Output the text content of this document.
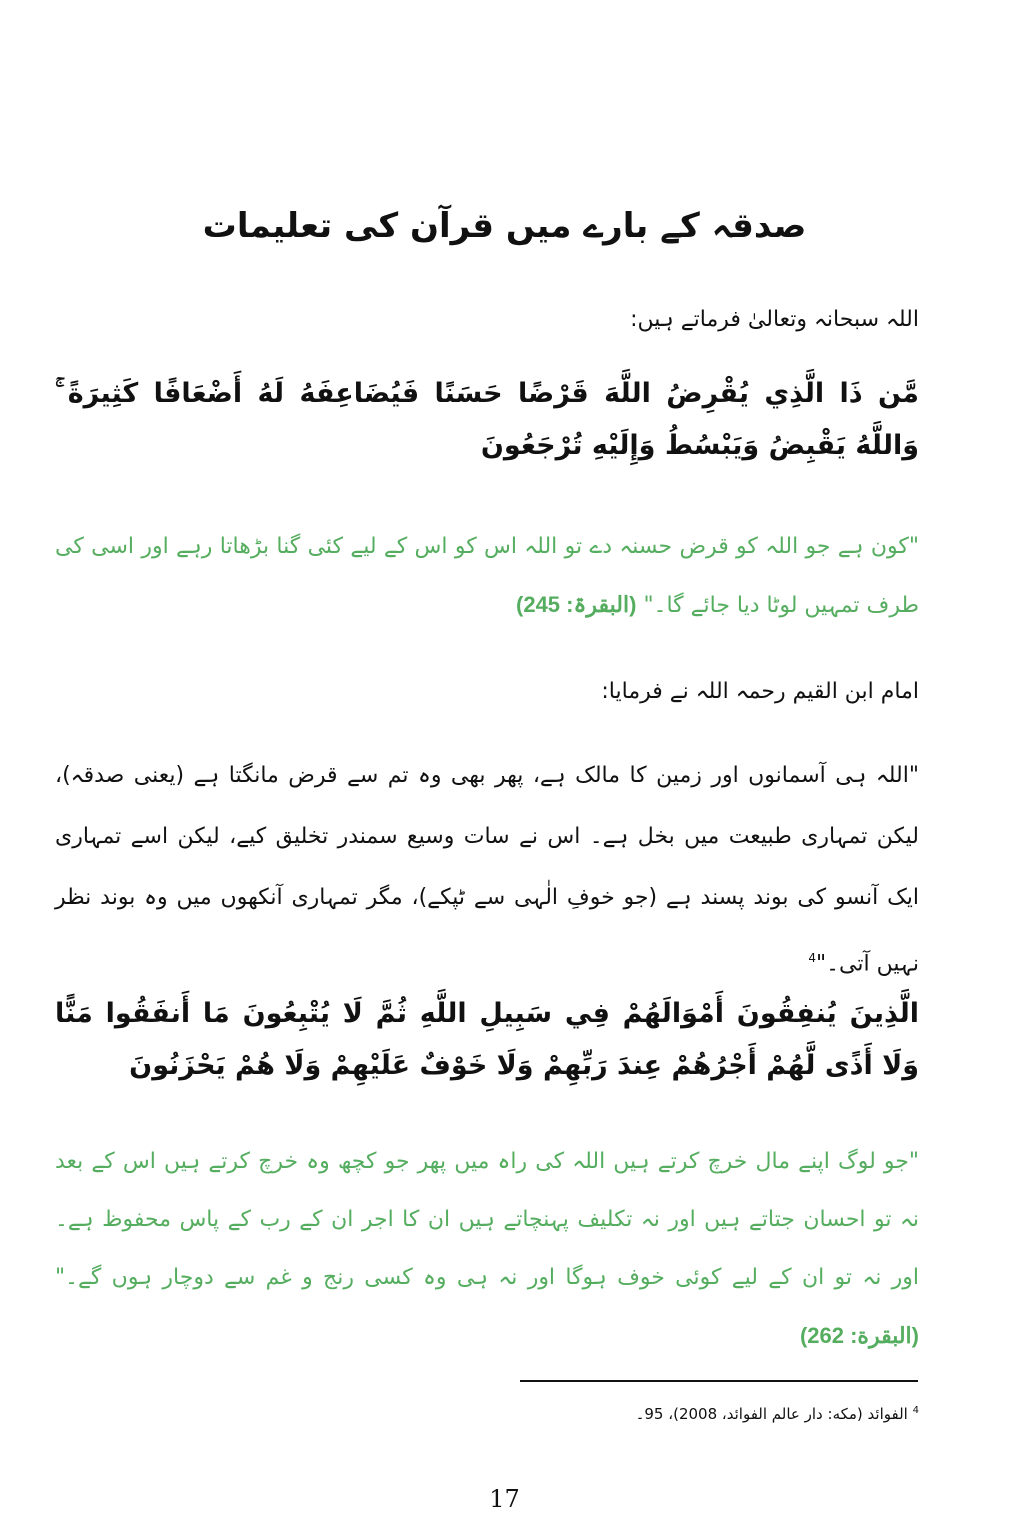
صدقہ کے بارے میں قرآن کی تعلیمات
اللہ سبحانہ وتعالیٰ فرماتے ہیں:
مَّن ذَا الَّذِي يُقْرِضُ اللَّهَ قَرْضًا حَسَنًا فَيُضَاعِفَهُ لَهُ أَضْعَافًا كَثِيرَةً ۚ وَاللَّهُ يَقْبِضُ وَيَبْسُطُ وَإِلَيْهِ تُرْجَعُونَ
"کون ہے جو اللہ کو قرض حسنہ دے تو اللہ اس کو اس کے لیے کئی گنا بڑھاتا رہے اور اسی کی طرف تمہیں لوٹا دیا جائے گا۔" (البقرۃ: 245)
امام ابن القیم رحمہ اللہ نے فرمایا:
"اللہ ہی آسمانوں اور زمین کا مالک ہے، پھر بھی وہ تم سے قرض مانگتا ہے (یعنی صدقہ)، لیکن تمہاری طبیعت میں بخل ہے۔ اس نے سات وسیع سمندر تخلیق کیے، لیکن اسے تمہاری ایک آنسو کی بوند پسند ہے (جو خوفِ الٰہی سے ٹپکے)، مگر تمہاری آنکھوں میں وہ بوند نظر نہیں آتی۔"$^4$
الَّذِينَ يُنفِقُونَ أَمْوَالَهُمْ فِي سَبِيلِ اللَّهِ ثُمَّ لَا يُتْبِعُونَ مَا أَنفَقُوا مَنًّا وَلَا أَذًى لَّهُمْ أَجْرُهُمْ عِندَ رَبِّهِمْ وَلَا خَوْفٌ عَلَيْهِمْ وَلَا هُمْ يَحْزَنُونَ
"جو لوگ اپنے مال خرچ کرتے ہیں اللہ کی راہ میں پھر جو کچھ وہ خرچ کرتے ہیں اس کے بعد نہ تو احسان جتاتے ہیں اور نہ تکلیف پہنچاتے ہیں ان کا اجر ان کے رب کے پاس محفوظ ہے۔ اور نہ تو ان کے لیے کوئی خوف ہوگا اور نہ ہی وہ کسی رنج و غم سے دوچار ہوں گے۔" (البقرة: 262)
$^4$ الفوائد (مكه: دار عالم الفوائد، 2008)، 95۔
17
